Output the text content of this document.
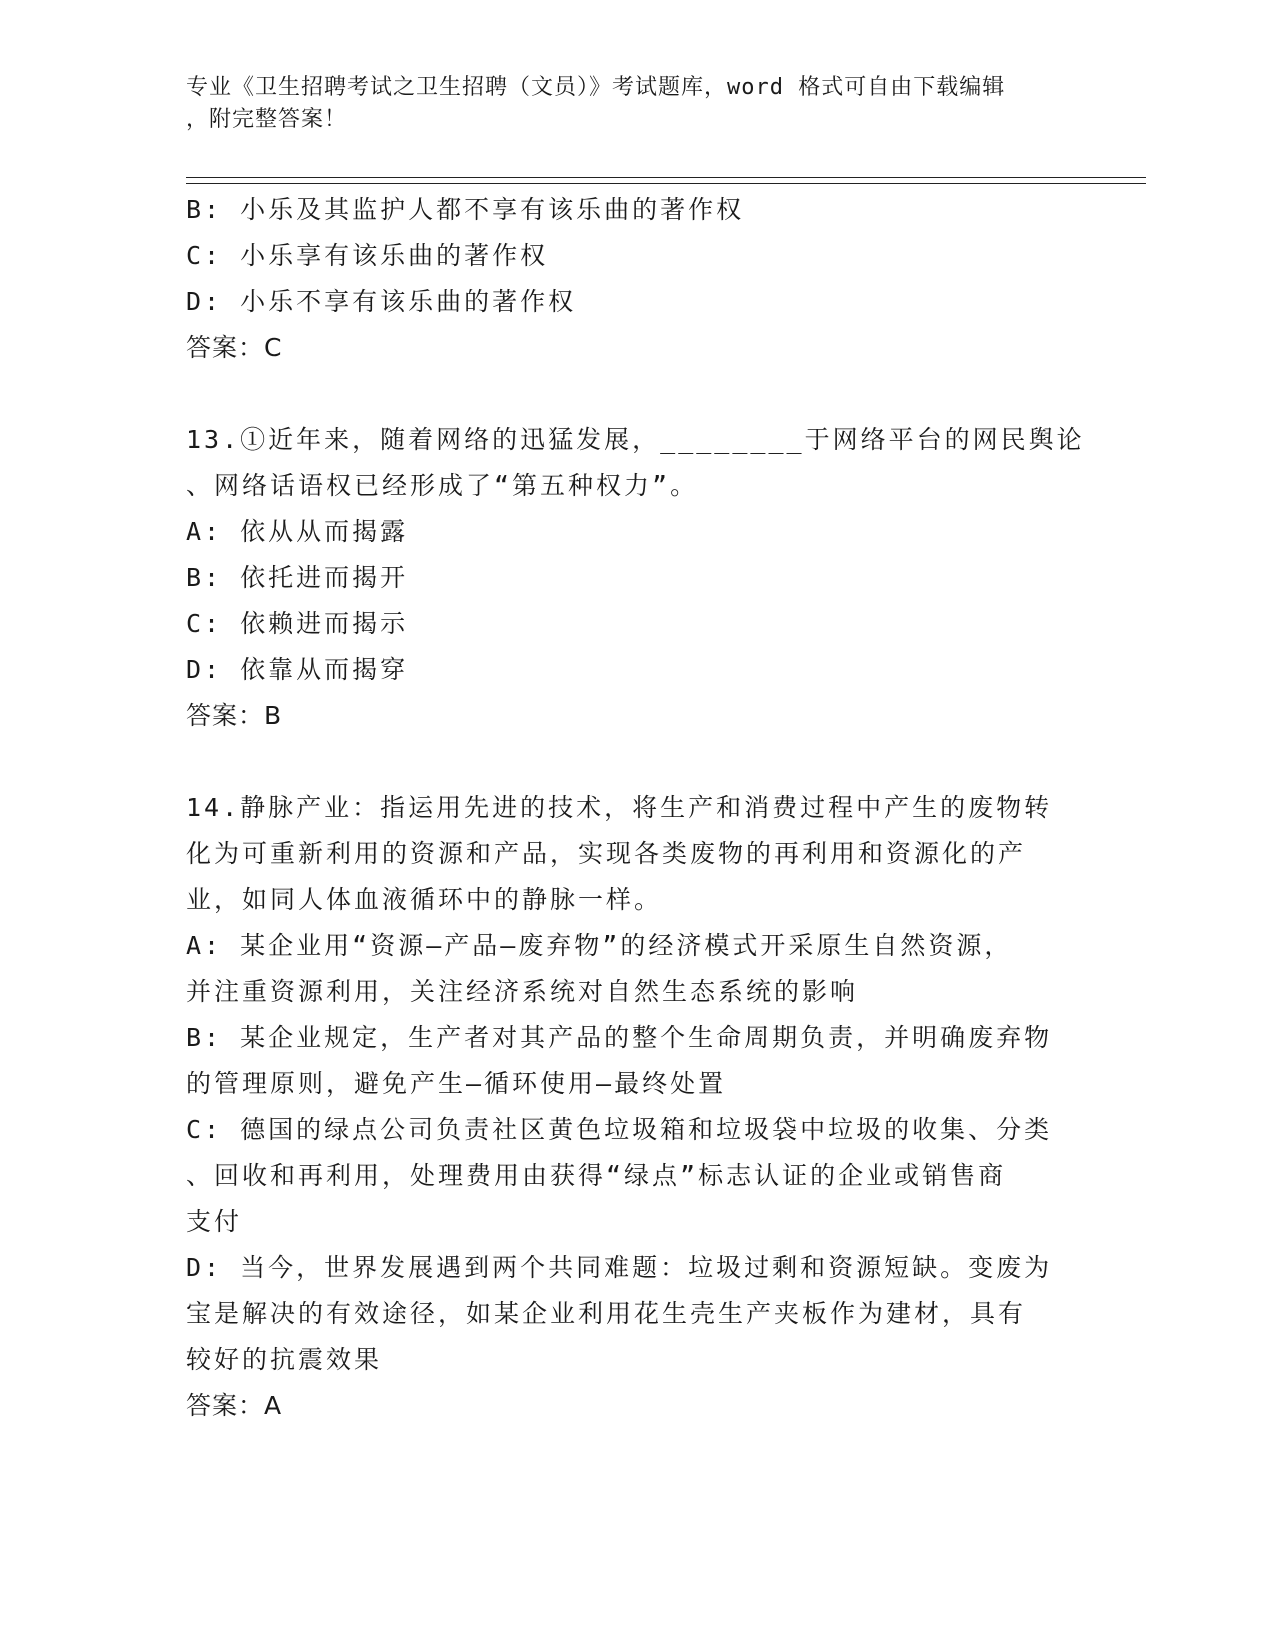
专业《卫生招聘考试之卫生招聘（文员）》考试题库，word 格式可自由下载编辑
，附完整答案！
B: 小乐及其监护人都不享有该乐曲的著作权
C: 小乐享有该乐曲的著作权
D: 小乐不享有该乐曲的著作权
答案：C
13.①近年来，随着网络的迅猛发展，________于网络平台的网民舆论
、网络话语权已经形成了“第五种权力”。
A: 依从从而揭露
B: 依托进而揭开
C: 依赖进而揭示
D: 依靠从而揭穿
答案：B
14.静脉产业：指运用先进的技术，将生产和消费过程中产生的废物转
化为可重新利用的资源和产品，实现各类废物的再利用和资源化的产
业，如同人体血液循环中的静脉一样。
A: 某企业用“资源—产品—废弃物”的经济模式开采原生自然资源，
并注重资源利用，关注经济系统对自然生态系统的影响
B: 某企业规定，生产者对其产品的整个生命周期负责，并明确废弃物
的管理原则，避免产生—循环使用—最终处置
C: 德国的绿点公司负责社区黄色垃圾箱和垃圾袋中垃圾的收集、分类
、回收和再利用，处理费用由获得“绿点”标志认证的企业或销售商
支付
D: 当今，世界发展遇到两个共同难题：垃圾过剩和资源短缺。变废为
宝是解决的有效途径，如某企业利用花生壳生产夹板作为建材，具有
较好的抗震效果
答案：A
